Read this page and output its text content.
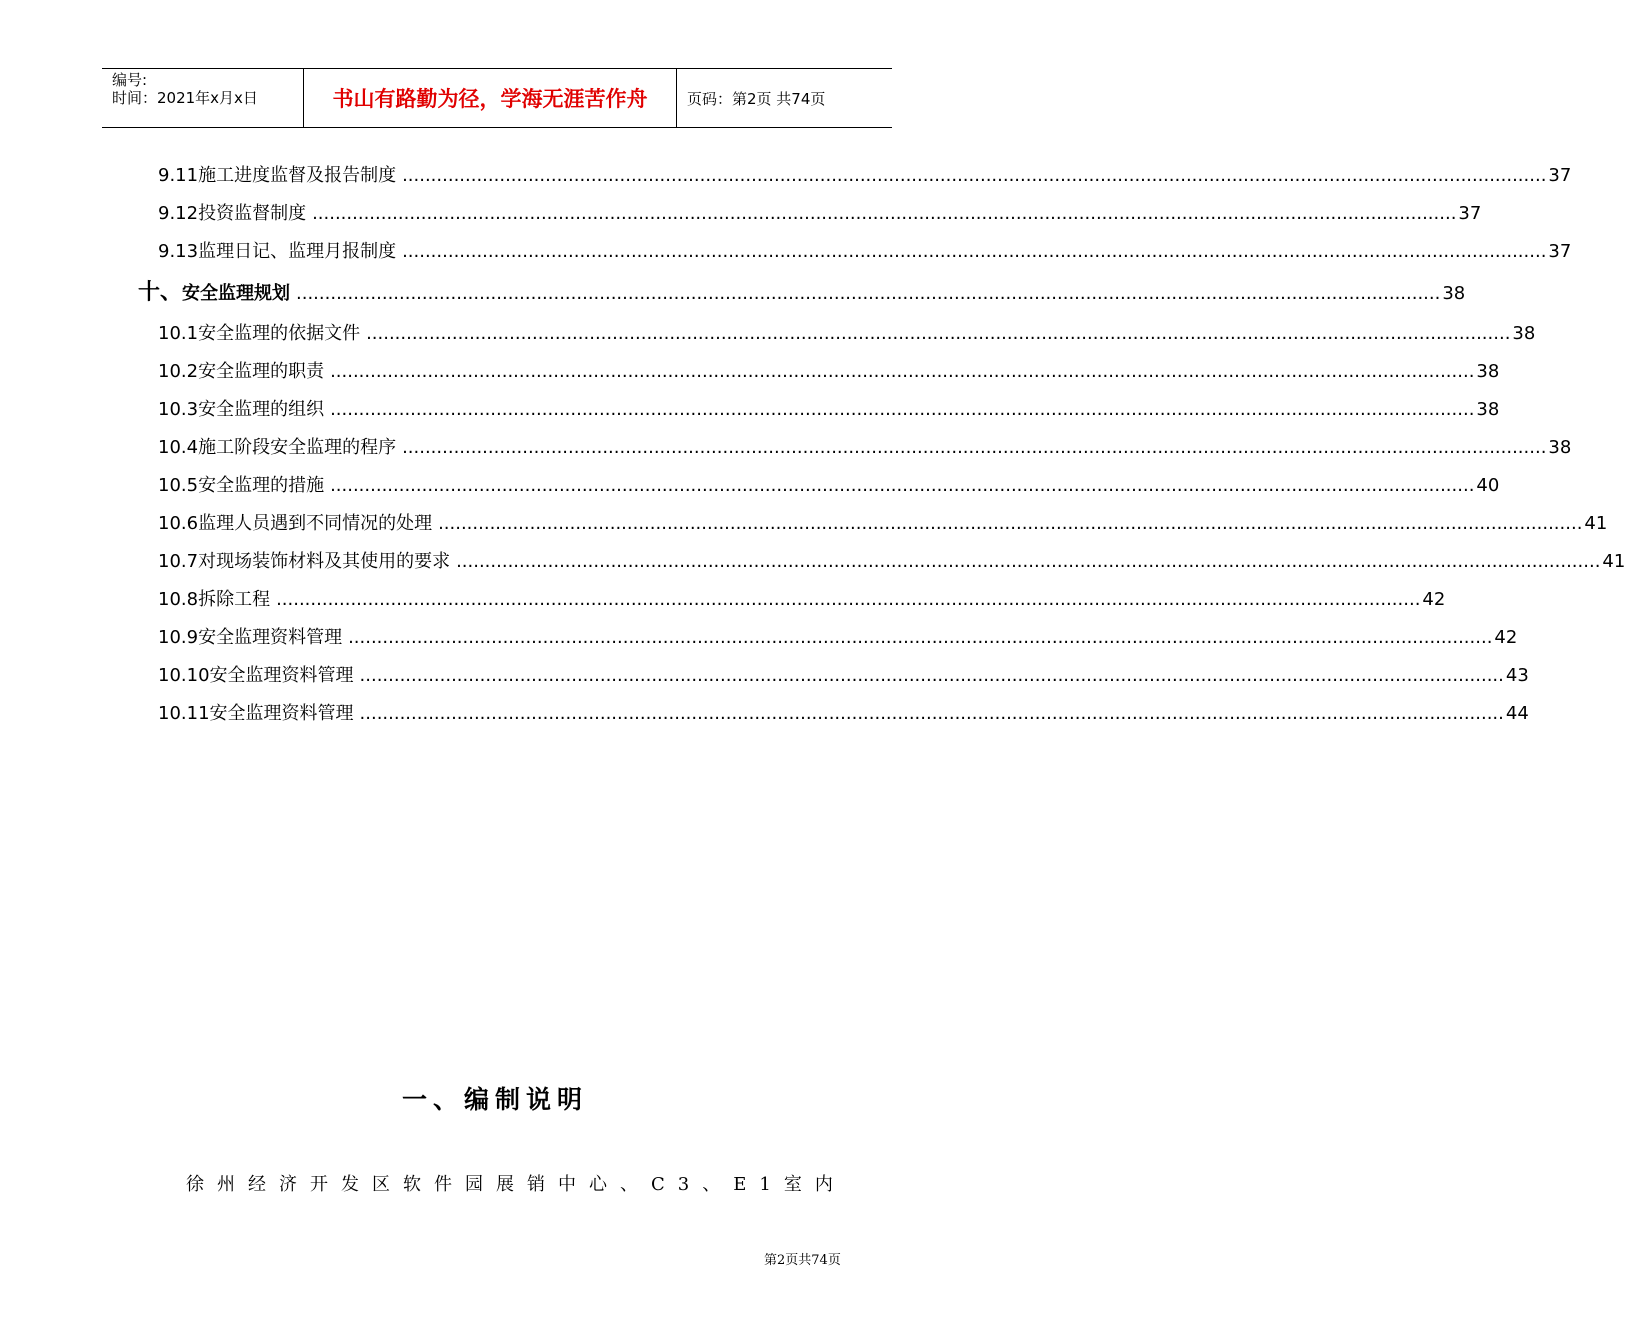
编号:
时间：2021年x月x日	书山有路勤为径，学海无涯苦作舟	页码：第2页 共74页
9.11 施工进度监督及报告制度 ........................................................................................................................................................................................................ 37
9.12 投资监督制度 ........................................................................................................................................................................................................ 37
9.13 监理日记、监理月报制度 ........................................................................................................................................................................................................ 37
十、 安全监理规划 ........................................................................................................................................................................................................ 38
10.1 安全监理的依据文件 ........................................................................................................................................................................................................ 38
10.2 安全监理的职责 ........................................................................................................................................................................................................ 38
10.3 安全监理的组织 ........................................................................................................................................................................................................ 38
10.4 施工阶段安全监理的程序 ........................................................................................................................................................................................................ 38
10.5 安全监理的措施 ........................................................................................................................................................................................................ 40
10.6 监理人员遇到不同情况的处理 ........................................................................................................................................................................................................ 41
10.7 对现场装饰材料及其使用的要求 ........................................................................................................................................................................................................ 41
10.8 拆除工程 ........................................................................................................................................................................................................ 42
10.9 安全监理资料管理 ........................................................................................................................................................................................................ 42
10.10 安全监理资料管理 ........................................................................................................................................................................................................ 43
10.11 安全监理资料管理 ........................................................................................................................................................................................................ 44
一、编制说明
徐州经济开发区软件园展销中心、C3、E1室内
第2页共74页
